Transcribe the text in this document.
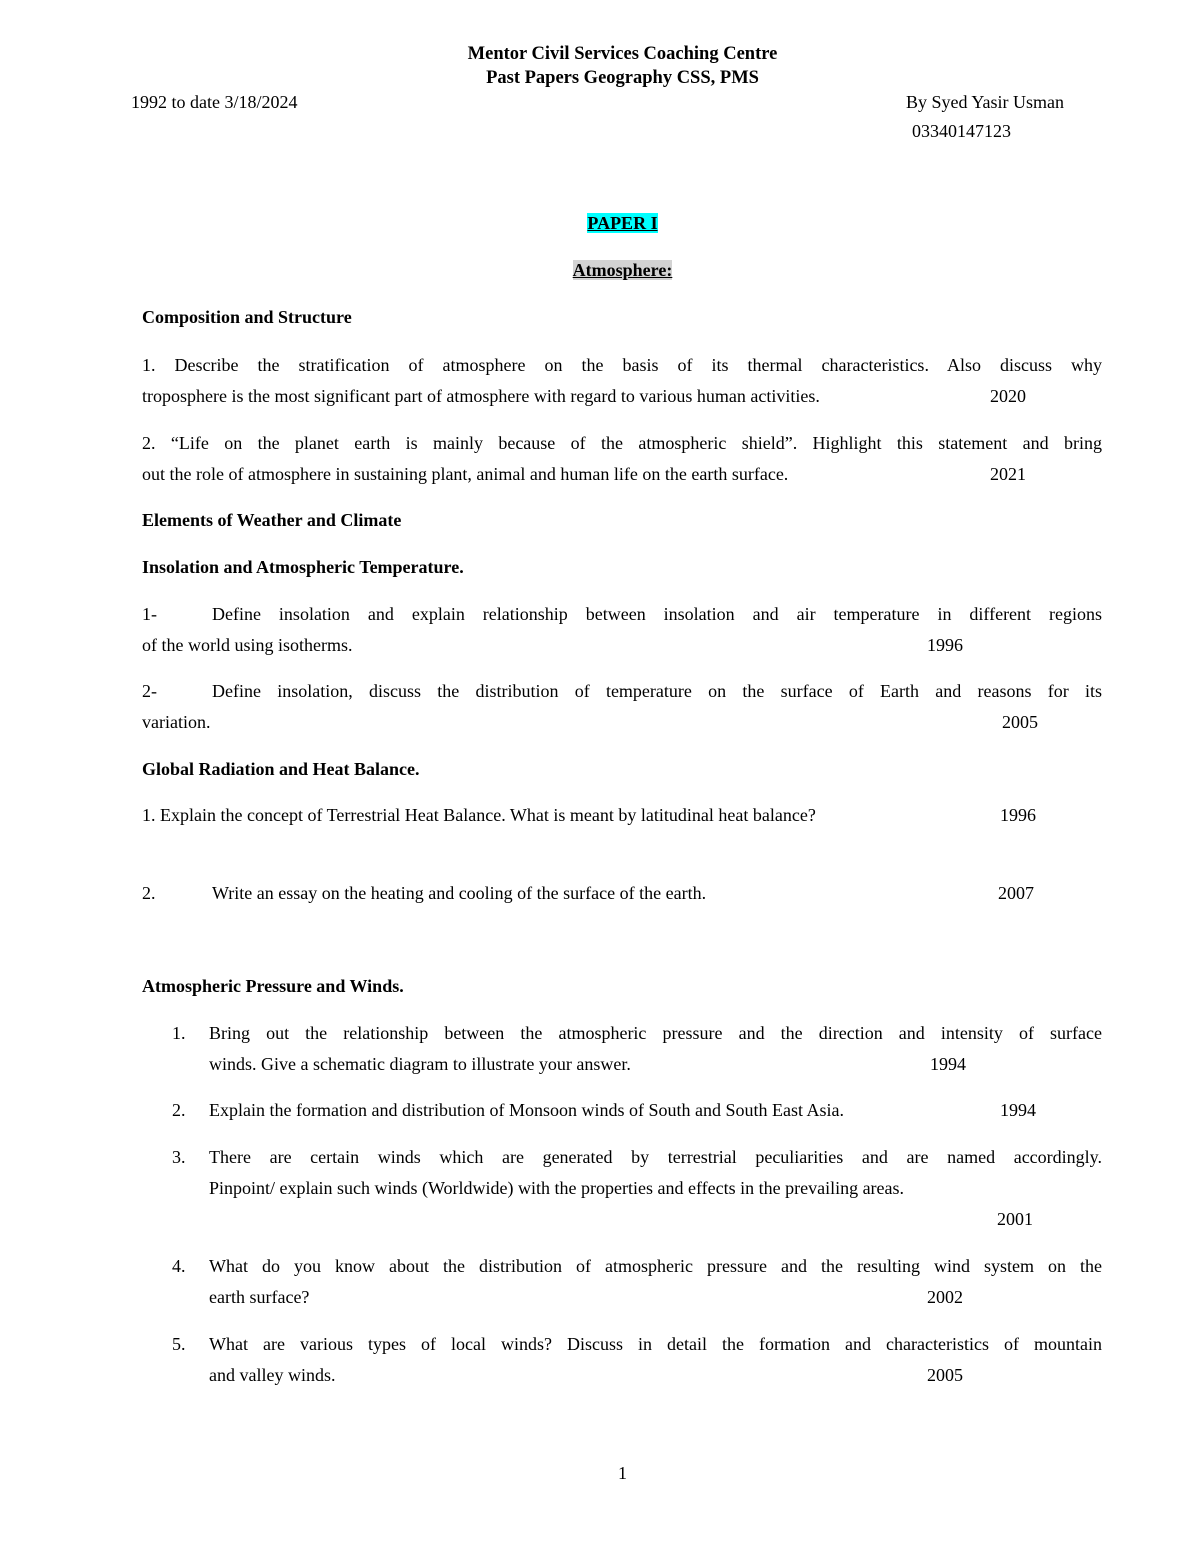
Mentor Civil Services Coaching Centre
Past Papers Geography CSS, PMS
1992 to date 3/18/2024	By Syed Yasir Usman
03340147123
PAPER I
Atmosphere:
Composition and Structure
1. Describe the stratification of atmosphere on the basis of its thermal characteristics. Also discuss why
troposphere is the most significant part of atmosphere with regard to various human activities.	2020
2. “Life on the planet earth is mainly because of the atmospheric shield”. Highlight this statement and bring
out the role of atmosphere in sustaining plant, animal and human life on the earth surface.	2021
Elements of Weather and Climate
Insolation and Atmospheric Temperature.
1-	Define insolation and explain relationship between insolation and air temperature in different regions
of the world using isotherms.	1996
2-	Define insolation, discuss the distribution of temperature on the surface of Earth and reasons for its
variation.	2005
Global Radiation and Heat Balance.
1. Explain the concept of Terrestrial Heat Balance. What is meant by latitudinal heat balance?	1996
2.	Write an essay on the heating and cooling of the surface of the earth.	2007
Atmospheric Pressure and Winds.
1. Bring out the relationship between the atmospheric pressure and the direction and intensity of surface
winds. Give a schematic diagram to illustrate your answer.	1994
2. Explain the formation and distribution of Monsoon winds of South and South East Asia.	1994
3. There are certain winds which are generated by terrestrial peculiarities and are named accordingly.
Pinpoint/ explain such winds (Worldwide) with the properties and effects in the prevailing areas.
2001
4. What do you know about the distribution of atmospheric pressure and the resulting wind system on the
earth surface?	2002
5. What are various types of local winds? Discuss in detail the formation and characteristics of mountain
and valley winds.	2005
1
